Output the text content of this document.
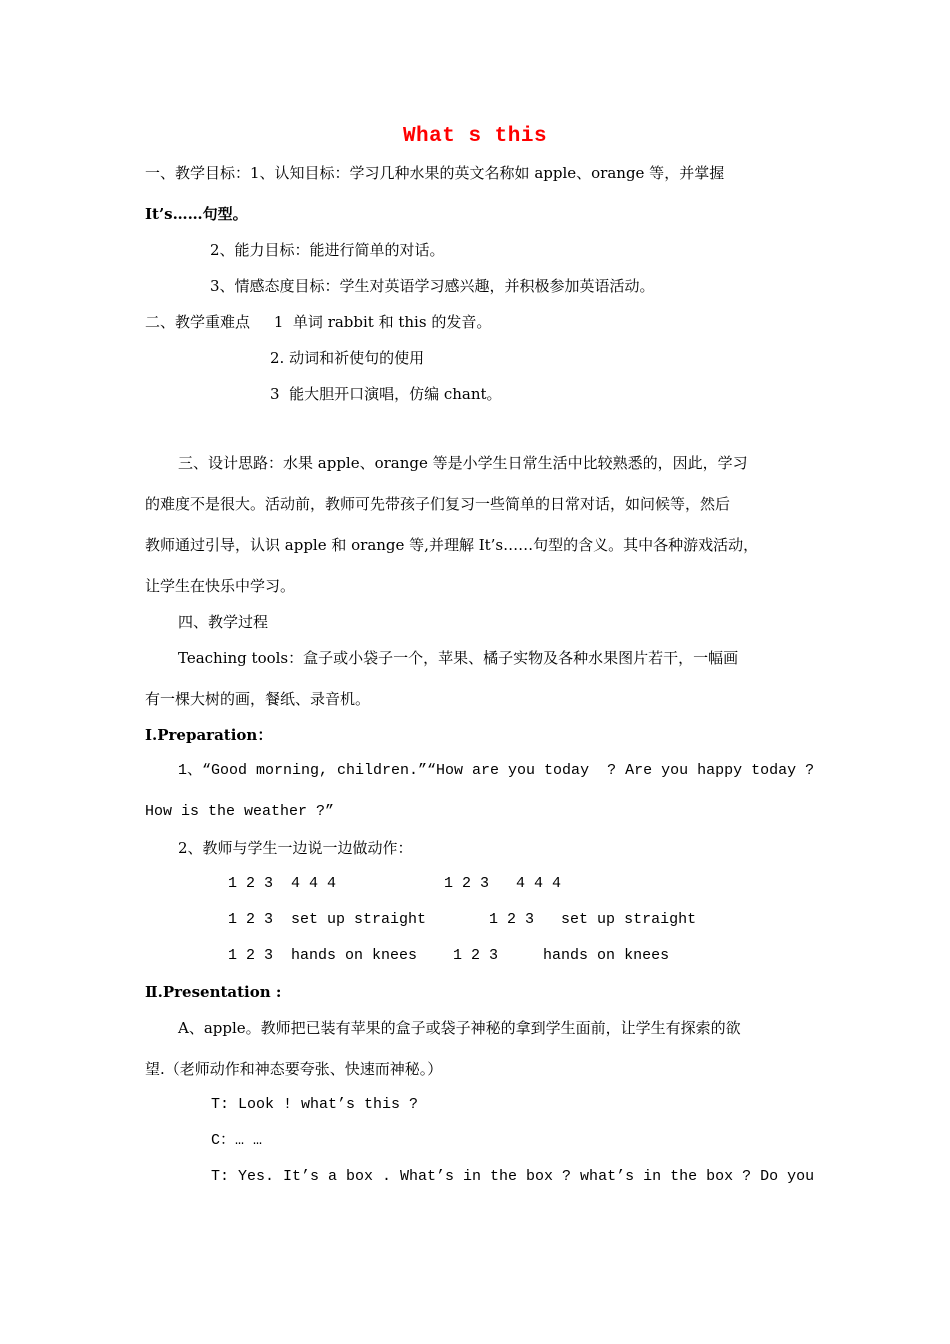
What s this
一、教学目标：1、认知目标：学习几种水果的英文名称如 apple、orange 等，并掌握
It’s……句型。
2、能力目标：能进行简单的对话。
3、情感态度目标：学生对英语学习感兴趣，并积极参加英语活动。
二、教学重难点     1  单词 rabbit 和 this 的发音。
2. 动词和祈使句的使用
3  能大胆开口演唱，仿编 chant。
三、设计思路：水果 apple、orange 等是小学生日常生活中比较熟悉的，因此，学习
的难度不是很大。活动前，教师可先带孩子们复习一些简单的日常对话，如问候等，然后
教师通过引导，认识 apple 和 orange 等,并理解 It’s……句型的含义。其中各种游戏活动，
让学生在快乐中学习。
四、教学过程
Teaching tools：盒子或小袋子一个，苹果、橘子实物及各种水果图片若干，一幅画
有一棵大树的画，餐纸、录音机。
Ⅰ.Preparation：
1、“Good morning, children.”“How are you today  ? Are you happy today ?
How is the weather ?”
2、教师与学生一边说一边做动作：
1 2 3  4 4 4            1 2 3   4 4 4
1 2 3  set up straight       1 2 3   set up straight
1 2 3  hands on knees    1 2 3     hands on knees
Ⅱ.Presentation :
A、apple。教师把已装有苹果的盒子或袋子神秘的拿到学生面前，让学生有探索的欲
望.（老师动作和神态要夸张、快速而神秘。）
T: Look ! what’s this ?
C：… …
T: Yes. It’s a box . What’s in the box ? what’s in the box ? Do you
